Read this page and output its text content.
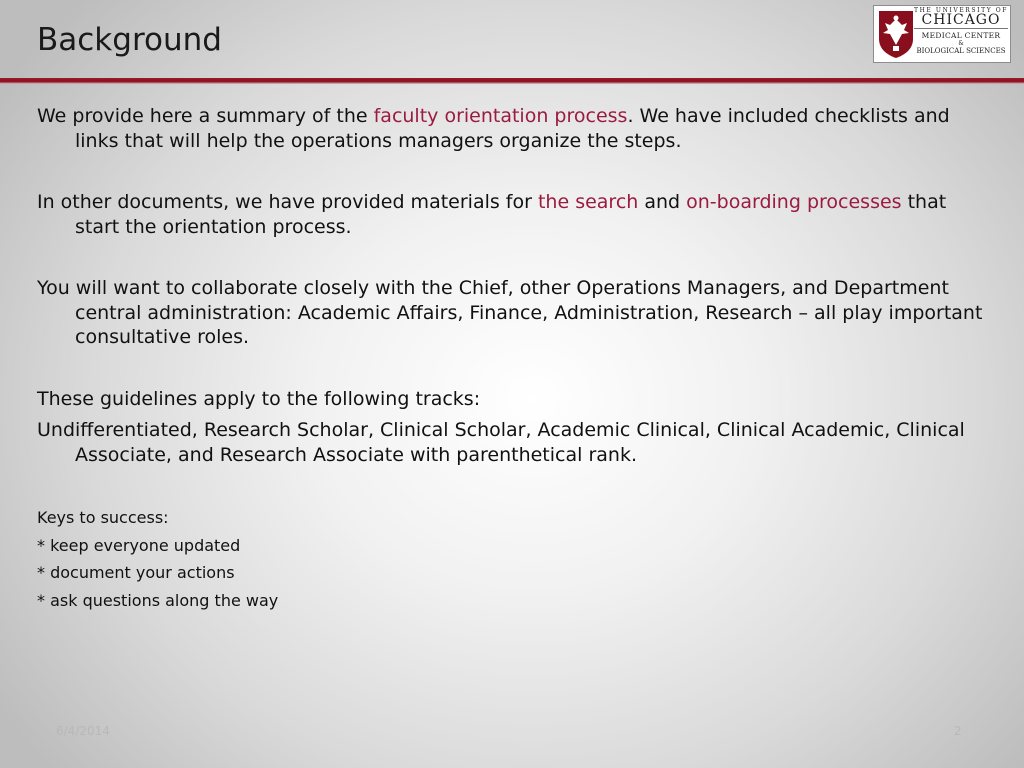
Background
THE UNIVERSITY OF
CHICAGO
MEDICAL CENTER
&
BIOLOGICAL SCIENCES

We provide here a summary of the faculty orientation process. We have included checklists and links that will help the operations managers organize the steps.

In other documents, we have provided materials for the search and on-boarding processes that start the orientation process.

You will want to collaborate closely with the Chief, other Operations Managers, and Department central administration: Academic Affairs, Finance, Administration, Research – all play important consultative roles.

These guidelines apply to the following tracks:

Undifferentiated, Research Scholar, Clinical Scholar, Academic Clinical, Clinical Academic, Clinical Associate, and Research Associate with parenthetical rank.

Keys to success:

* keep everyone updated

* document your actions

* ask questions along the way

6/4/2014	2
